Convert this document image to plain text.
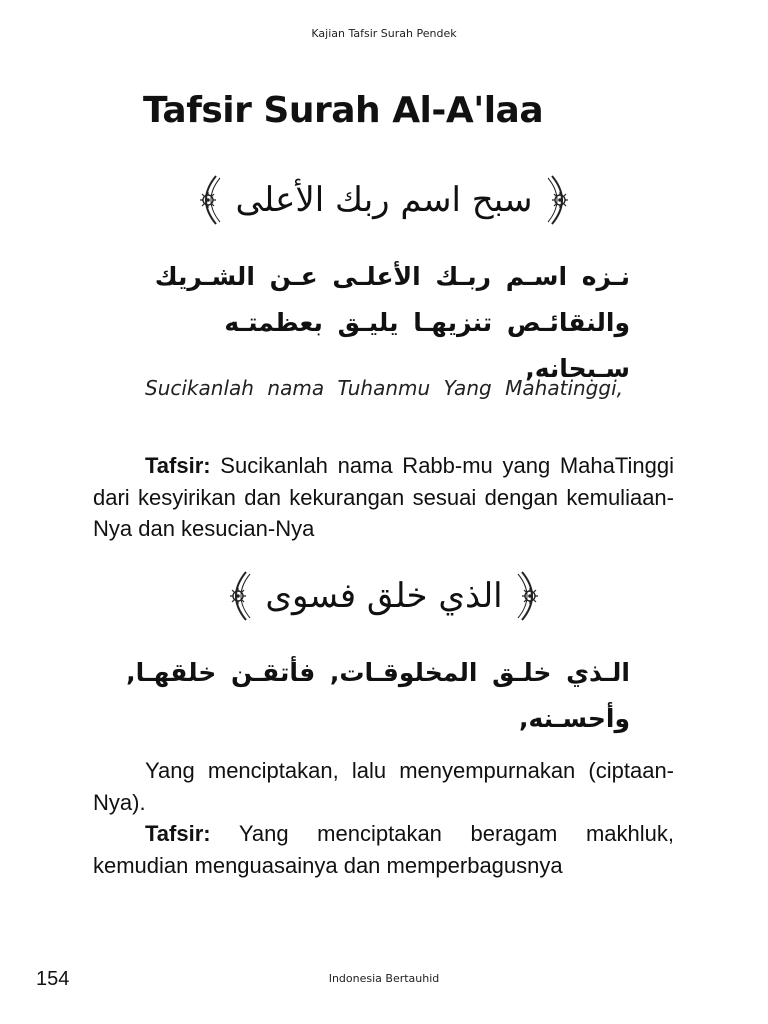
Kajian Tafsir Surah Pendek
Tafsir Surah Al-A'laa
سبح اسم ربك الأعلى

نـزه اسـم ربـك الأعلـى عـن الشـريك والنقائـص تنزيهـا يليـق بعظمتـه سـبحانه,

Sucikanlah nama Tuhanmu Yang Mahatinggi,

Tafsir: Sucikanlah nama Rabb-mu yang MahaTinggi dari kesyirikan dan kekurangan sesuai dengan kemuliaan-Nya dan kesucian-Nya

الذي خلق فسوى

الـذي خلـق المخلوقـات, فأتقـن خلقهـا, وأحسـنه,

Yang menciptakan, lalu menyempurnakan (ciptaan-Nya).

Tafsir: Yang menciptakan beragam makhluk, kemudian menguasainya dan memperbagusnya

154	Indonesia Bertauhid
